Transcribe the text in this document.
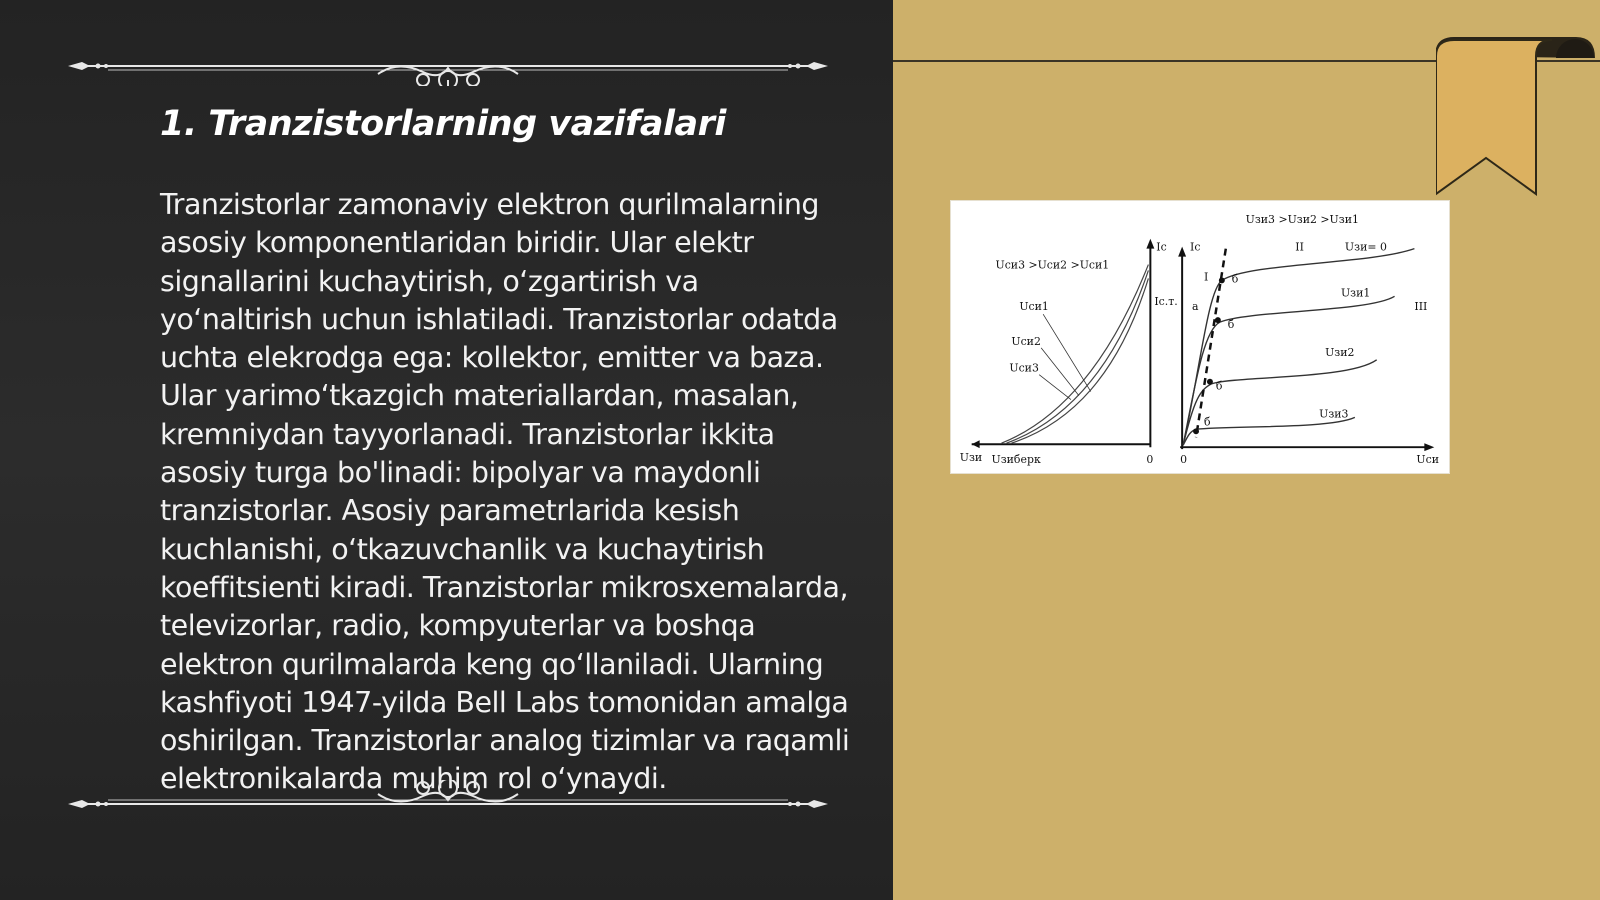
1. Tranzistorlarning vazifalari
Tranzistorlar zamonaviy elektron qurilmalarning asosiy komponentlaridan biridir. Ular elektr signallarini kuchaytirish, o‘zgartirish va yo‘naltirish uchun ishlatiladi. Tranzistorlar odatda uchta elekrodga ega: kollektor, emitter va baza. Ular yarimo‘tkazgich materiallardan, masalan, kremniydan tayyorlanadi. Tranzistorlar ikkita asosiy turga bo'linadi: bipolyar va maydonli tranzistorlar. Asosiy parametrlarida kesish kuchlanishi, o‘tkazuvchanlik va kuchaytirish koeffitsienti kiradi. Tranzistorlar mikrosxemalarda, televizorlar, radio, kompyuterlar va boshqa elektron qurilmalarda keng qo‘llaniladi. Ularning kashfiyoti 1947-yilda Bell Labs tomonidan amalga oshirilgan. Tranzistorlar analog tizimlar va raqamli elektronikalarda muhim rol o‘ynaydi.
Uзи3 >Uзи2 >Uзи1
Uси3 >Uси2 >Uси1
Ic Ic
Ic.т.
Uси1
Uси2
Uси3
Uзи= 0
Uзи1
Uзи2
Uзи3
I
II
III
a
б
б
б
б
Uзи Uзиберк	0 0	Uси
